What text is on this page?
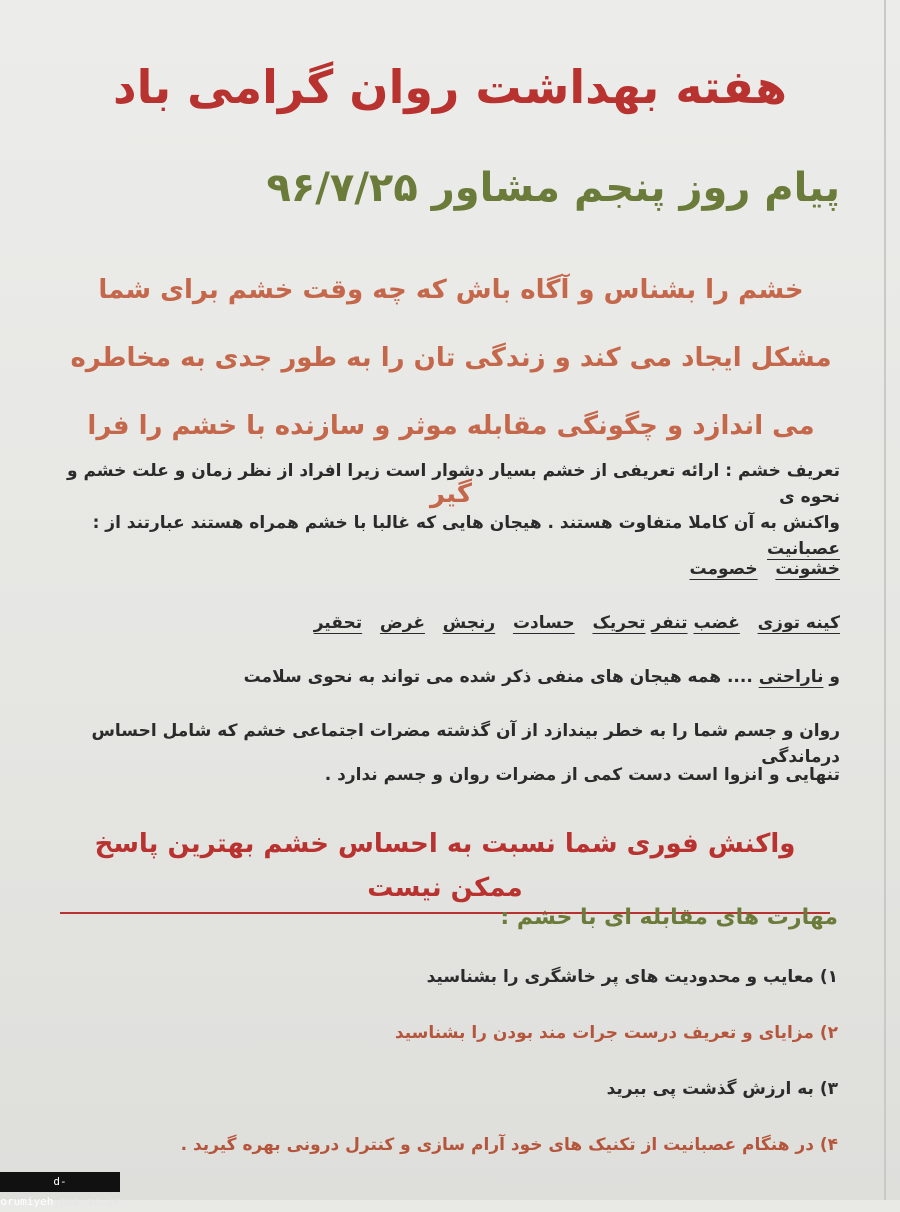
هفته بهداشت روان گرامی باد
پیام روز پنجم مشاور ۹۶/۷/۲۵
خشم را بشناس و آگاه باش که چه وقت خشم برای شما مشکل ایجاد می کند و زندگی تان را به طور جدی به مخاطره می اندازد و چگونگی مقابله موثر و سازنده با خشم را فرا گیر
تعریف خشم : ارائه تعریفی از خشم بسیار دشوار است زیرا افراد از نظر زمان و علت خشم و نحوه ی
واکنش به آن کاملا متفاوت هستند . هیجان هایی که غالبا با خشم همراه هستند عبارتند از : عصبانیت
خشونت   خصومت
کینه توزی   غضب تنفر تحریک   حسادت   رنجش   غرض   تحقیر
و ناراحتی .... همه هیجان های منفی ذکر شده می تواند به نحوی سلامت
روان و جسم شما را به خطر بیندازد از آن گذشته مضرات اجتماعی خشم که شامل احساس درماندگی
تنهایی و انزوا است دست کمی از مضرات روان و جسم ندارد .
واکنش فوری شما نسبت به احساس خشم بهترین پاسخ ممکن نیست
مهارت های مقابله ای با خشم :
۱) معایب و محدودیت های پر خاشگری را بشناسید
۲) مزایای و تعریف درست جرات مند بودن را بشناسید
۳) به ارزش گذشت پی ببرید
۴) در هنگام عصبانیت از تکنیک های خود آرام سازی و کنترل درونی بهره گیرید .
d-orumiyeh.nus.ac.ir
